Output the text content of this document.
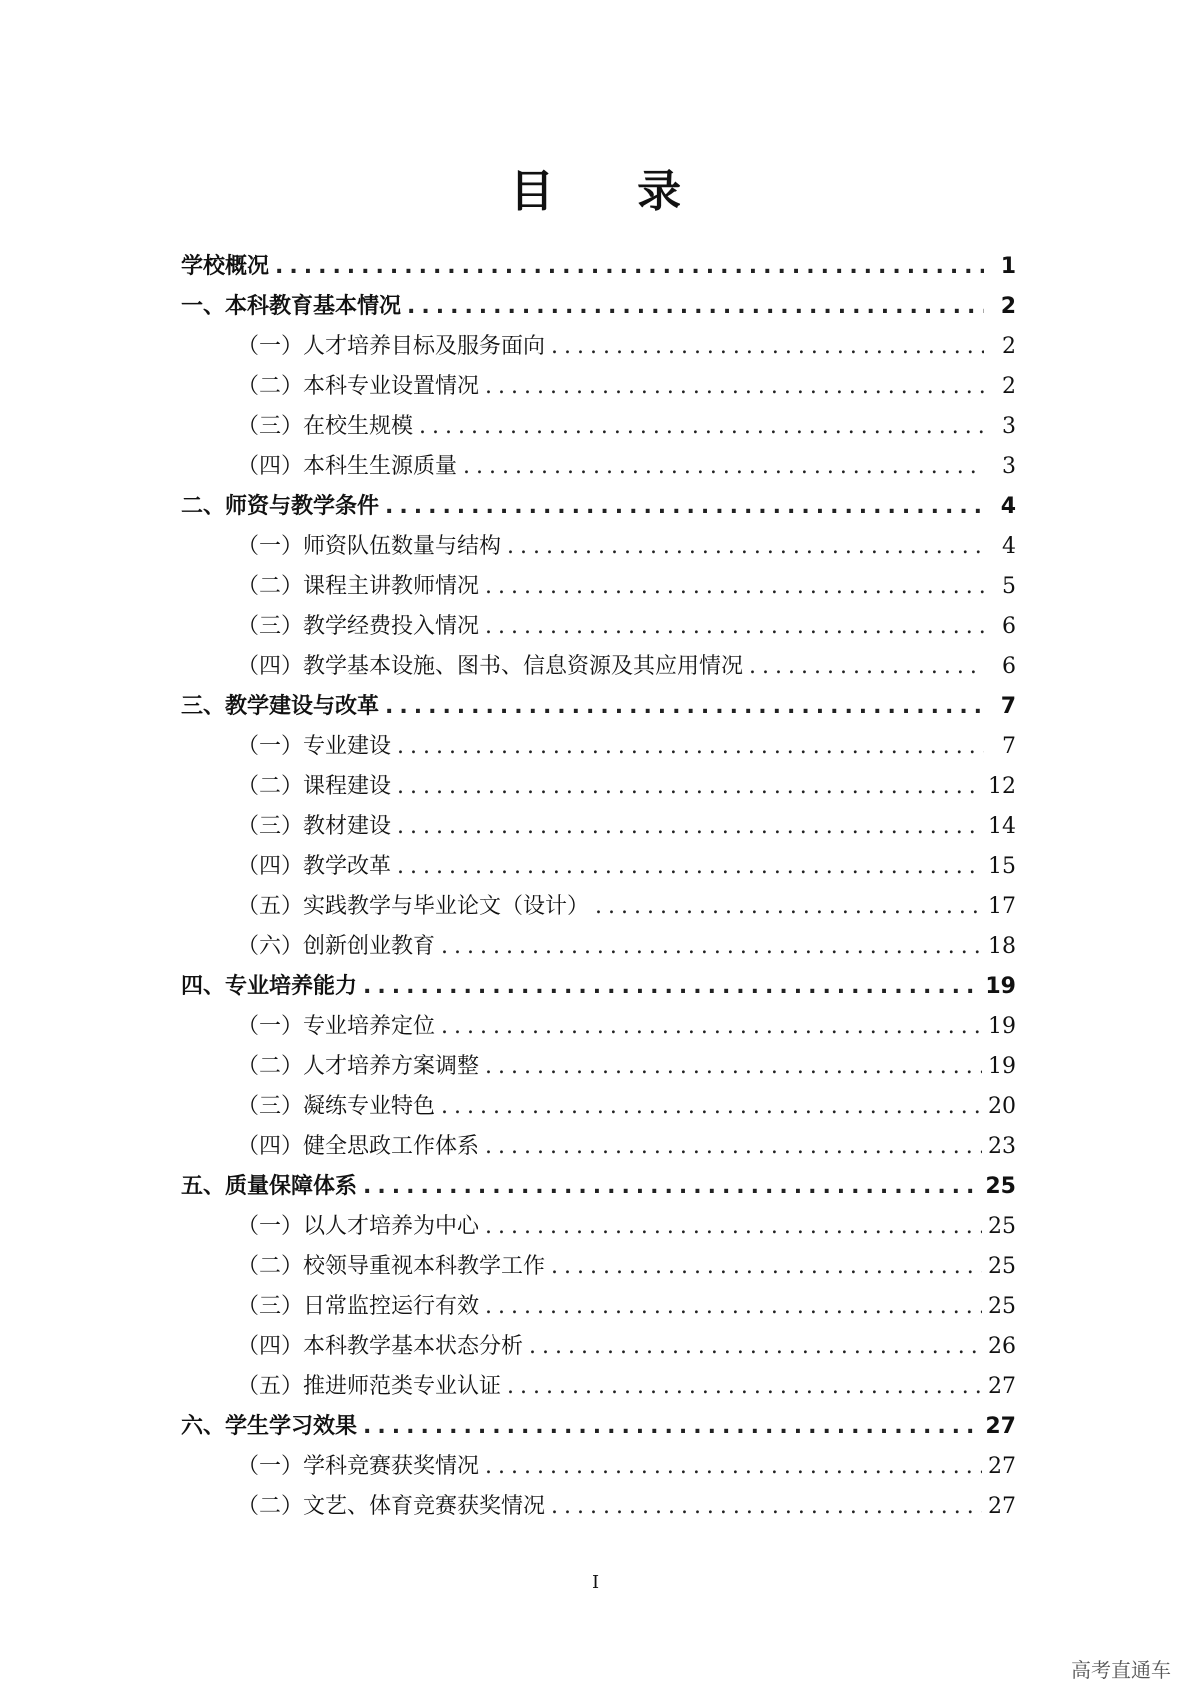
目 录
学校概况 .....	1
一、本科教育基本情况 .....	2
（一）人才培养目标及服务面向 .....	2
（二）本科专业设置情况 .....	2
（三）在校生规模 .....	3
（四）本科生生源质量 .....	3
二、师资与教学条件 .....	4
（一）师资队伍数量与结构 .....	4
（二）课程主讲教师情况 .....	5
（三）教学经费投入情况 .....	6
（四）教学基本设施、图书、信息资源及其应用情况 .....	6
三、教学建设与改革 .....	7
（一）专业建设 .....	7
（二）课程建设 .....	12
（三）教材建设 .....	14
（四）教学改革 .....	15
（五）实践教学与毕业论文（设计） .....	17
（六）创新创业教育 .....	18
四、专业培养能力 .....	19
（一）专业培养定位 .....	19
（二）人才培养方案调整 .....	19
（三）凝练专业特色 .....	20
（四）健全思政工作体系 .....	23
五、质量保障体系 .....	25
（一）以人才培养为中心 .....	25
（二）校领导重视本科教学工作 .....	25
（三）日常监控运行有效 .....	25
（四）本科教学基本状态分析 .....	26
（五）推进师范类专业认证 .....	27
六、学生学习效果 .....	27
（一）学科竞赛获奖情况 .....	27
（二）文艺、体育竞赛获奖情况 .....	27
I
高考直通车
